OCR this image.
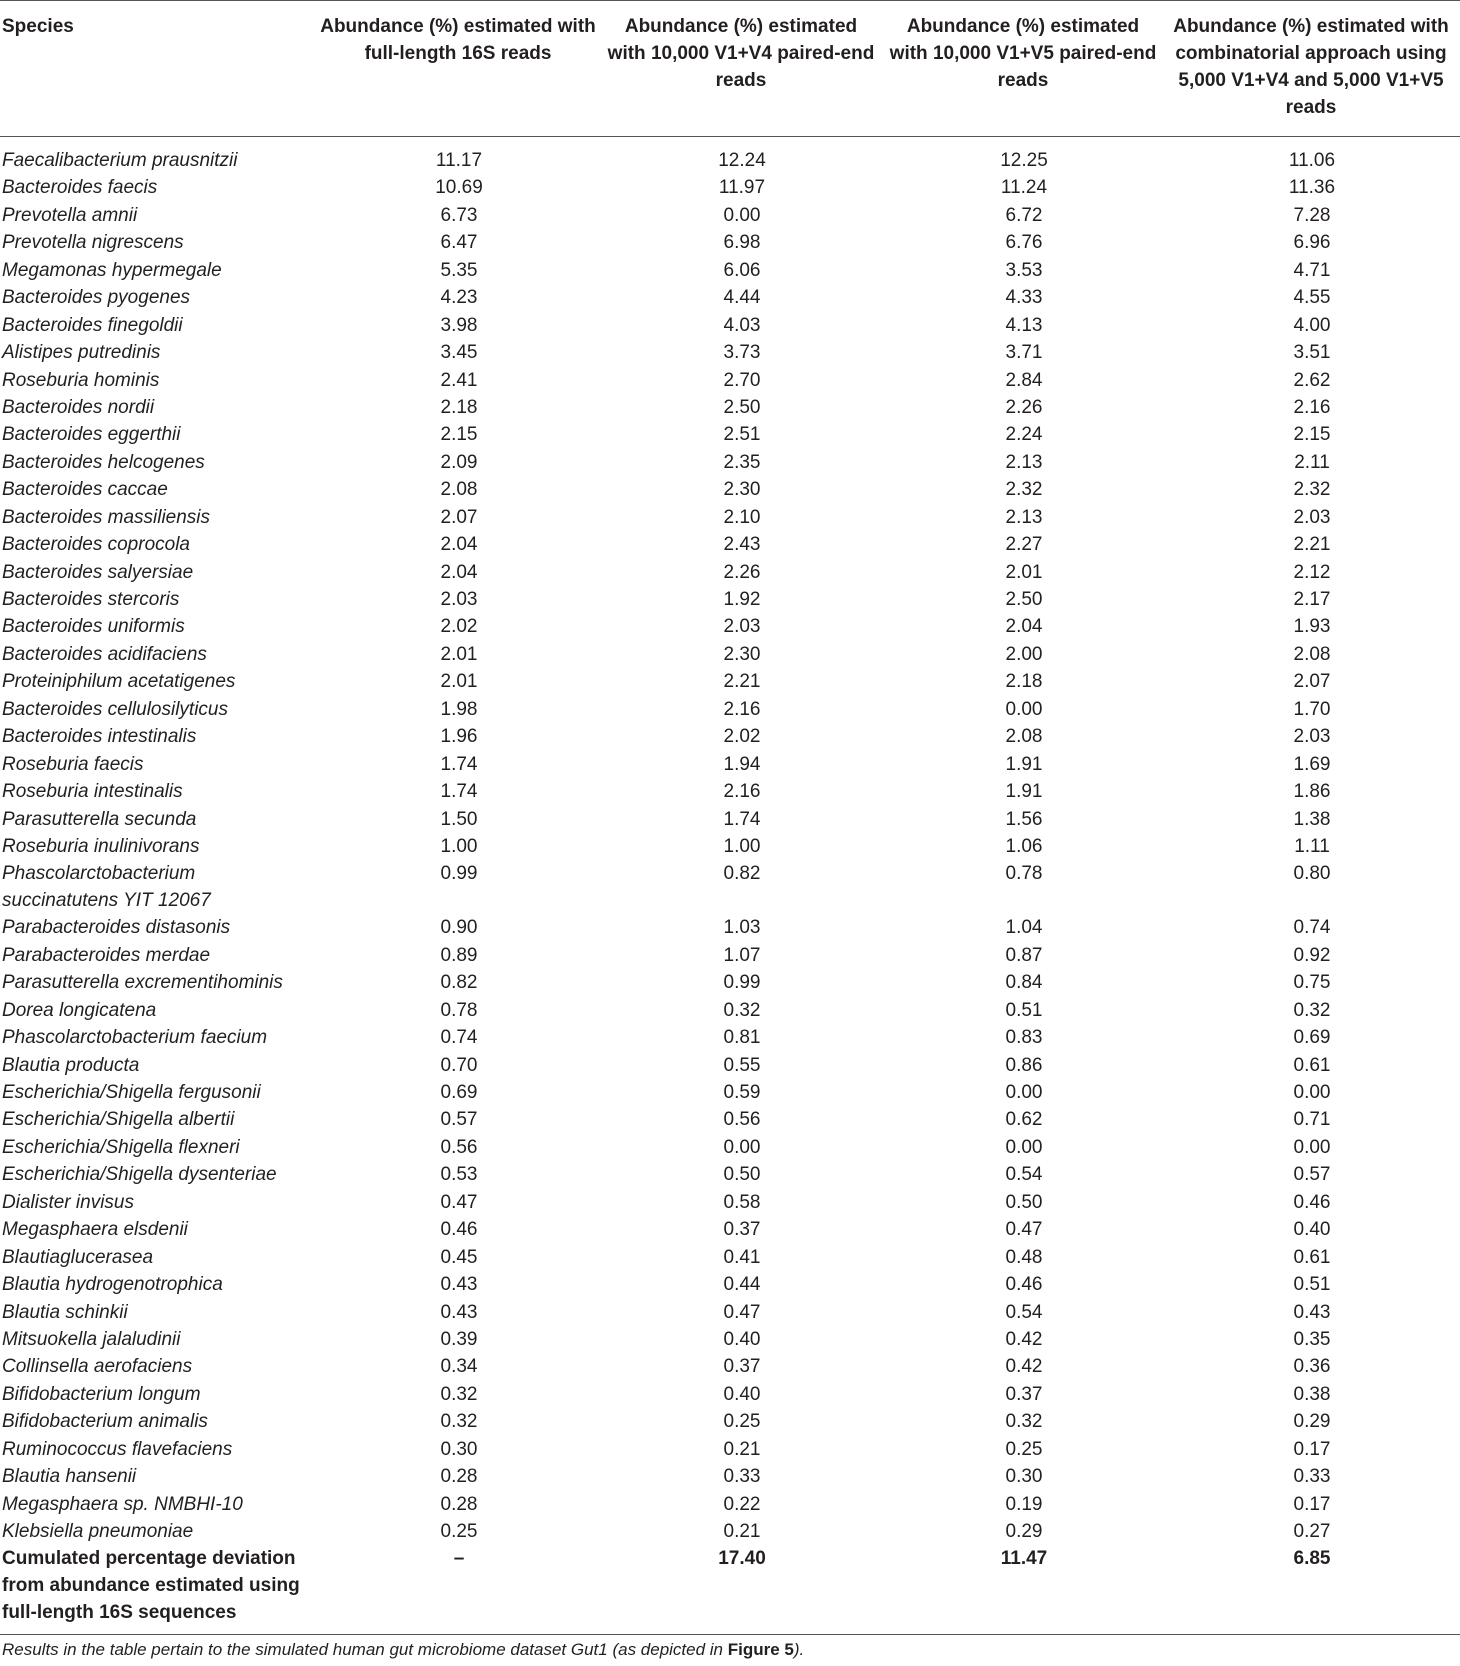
Species	Abundance (%) estimated with full-length 16S reads	Abundance (%) estimated with 10,000 V1+V4 paired-end reads	Abundance (%) estimated with 10,000 V1+V5 paired-end reads	Abundance (%) estimated with combinatorial approach using 5,000 V1+V4 and 5,000 V1+V5 reads
Faecalibacterium prausnitzii	11.17	12.24	12.25	11.06
Bacteroides faecis	10.69	11.97	11.24	11.36
Prevotella amnii	6.73	0.00	6.72	7.28
Prevotella nigrescens	6.47	6.98	6.76	6.96
Megamonas hypermegale	5.35	6.06	3.53	4.71
Bacteroides pyogenes	4.23	4.44	4.33	4.55
Bacteroides finegoldii	3.98	4.03	4.13	4.00
Alistipes putredinis	3.45	3.73	3.71	3.51
Roseburia hominis	2.41	2.70	2.84	2.62
Bacteroides nordii	2.18	2.50	2.26	2.16
Bacteroides eggerthii	2.15	2.51	2.24	2.15
Bacteroides helcogenes	2.09	2.35	2.13	2.11
Bacteroides caccae	2.08	2.30	2.32	2.32
Bacteroides massiliensis	2.07	2.10	2.13	2.03
Bacteroides coprocola	2.04	2.43	2.27	2.21
Bacteroides salyersiae	2.04	2.26	2.01	2.12
Bacteroides stercoris	2.03	1.92	2.50	2.17
Bacteroides uniformis	2.02	2.03	2.04	1.93
Bacteroides acidifaciens	2.01	2.30	2.00	2.08
Proteiniphilum acetatigenes	2.01	2.21	2.18	2.07
Bacteroides cellulosilyticus	1.98	2.16	0.00	1.70
Bacteroides intestinalis	1.96	2.02	2.08	2.03
Roseburia faecis	1.74	1.94	1.91	1.69
Roseburia intestinalis	1.74	2.16	1.91	1.86
Parasutterella secunda	1.50	1.74	1.56	1.38
Roseburia inulinivorans	1.00	1.00	1.06	1.11
Phascolarctobacterium succinatutens YIT 12067	0.99	0.82	0.78	0.80
Parabacteroides distasonis	0.90	1.03	1.04	0.74
Parabacteroides merdae	0.89	1.07	0.87	0.92
Parasutterella excrementihominis	0.82	0.99	0.84	0.75
Dorea longicatena	0.78	0.32	0.51	0.32
Phascolarctobacterium faecium	0.74	0.81	0.83	0.69
Blautia producta	0.70	0.55	0.86	0.61
Escherichia/Shigella fergusonii	0.69	0.59	0.00	0.00
Escherichia/Shigella albertii	0.57	0.56	0.62	0.71
Escherichia/Shigella flexneri	0.56	0.00	0.00	0.00
Escherichia/Shigella dysenteriae	0.53	0.50	0.54	0.57
Dialister invisus	0.47	0.58	0.50	0.46
Megasphaera elsdenii	0.46	0.37	0.47	0.40
Blautiaglucerasea	0.45	0.41	0.48	0.61
Blautia hydrogenotrophica	0.43	0.44	0.46	0.51
Blautia schinkii	0.43	0.47	0.54	0.43
Mitsuokella jalaludinii	0.39	0.40	0.42	0.35
Collinsella aerofaciens	0.34	0.37	0.42	0.36
Bifidobacterium longum	0.32	0.40	0.37	0.38
Bifidobacterium animalis	0.32	0.25	0.32	0.29
Ruminococcus flavefaciens	0.30	0.21	0.25	0.17
Blautia hansenii	0.28	0.33	0.30	0.33
Megasphaera sp. NMBHI-10	0.28	0.22	0.19	0.17
Klebsiella pneumoniae	0.25	0.21	0.29	0.27
Cumulated percentage deviation from abundance estimated using full-length 16S sequences	–	17.40	11.47	6.85
Results in the table pertain to the simulated human gut microbiome dataset Gut1 (as depicted in Figure 5).
